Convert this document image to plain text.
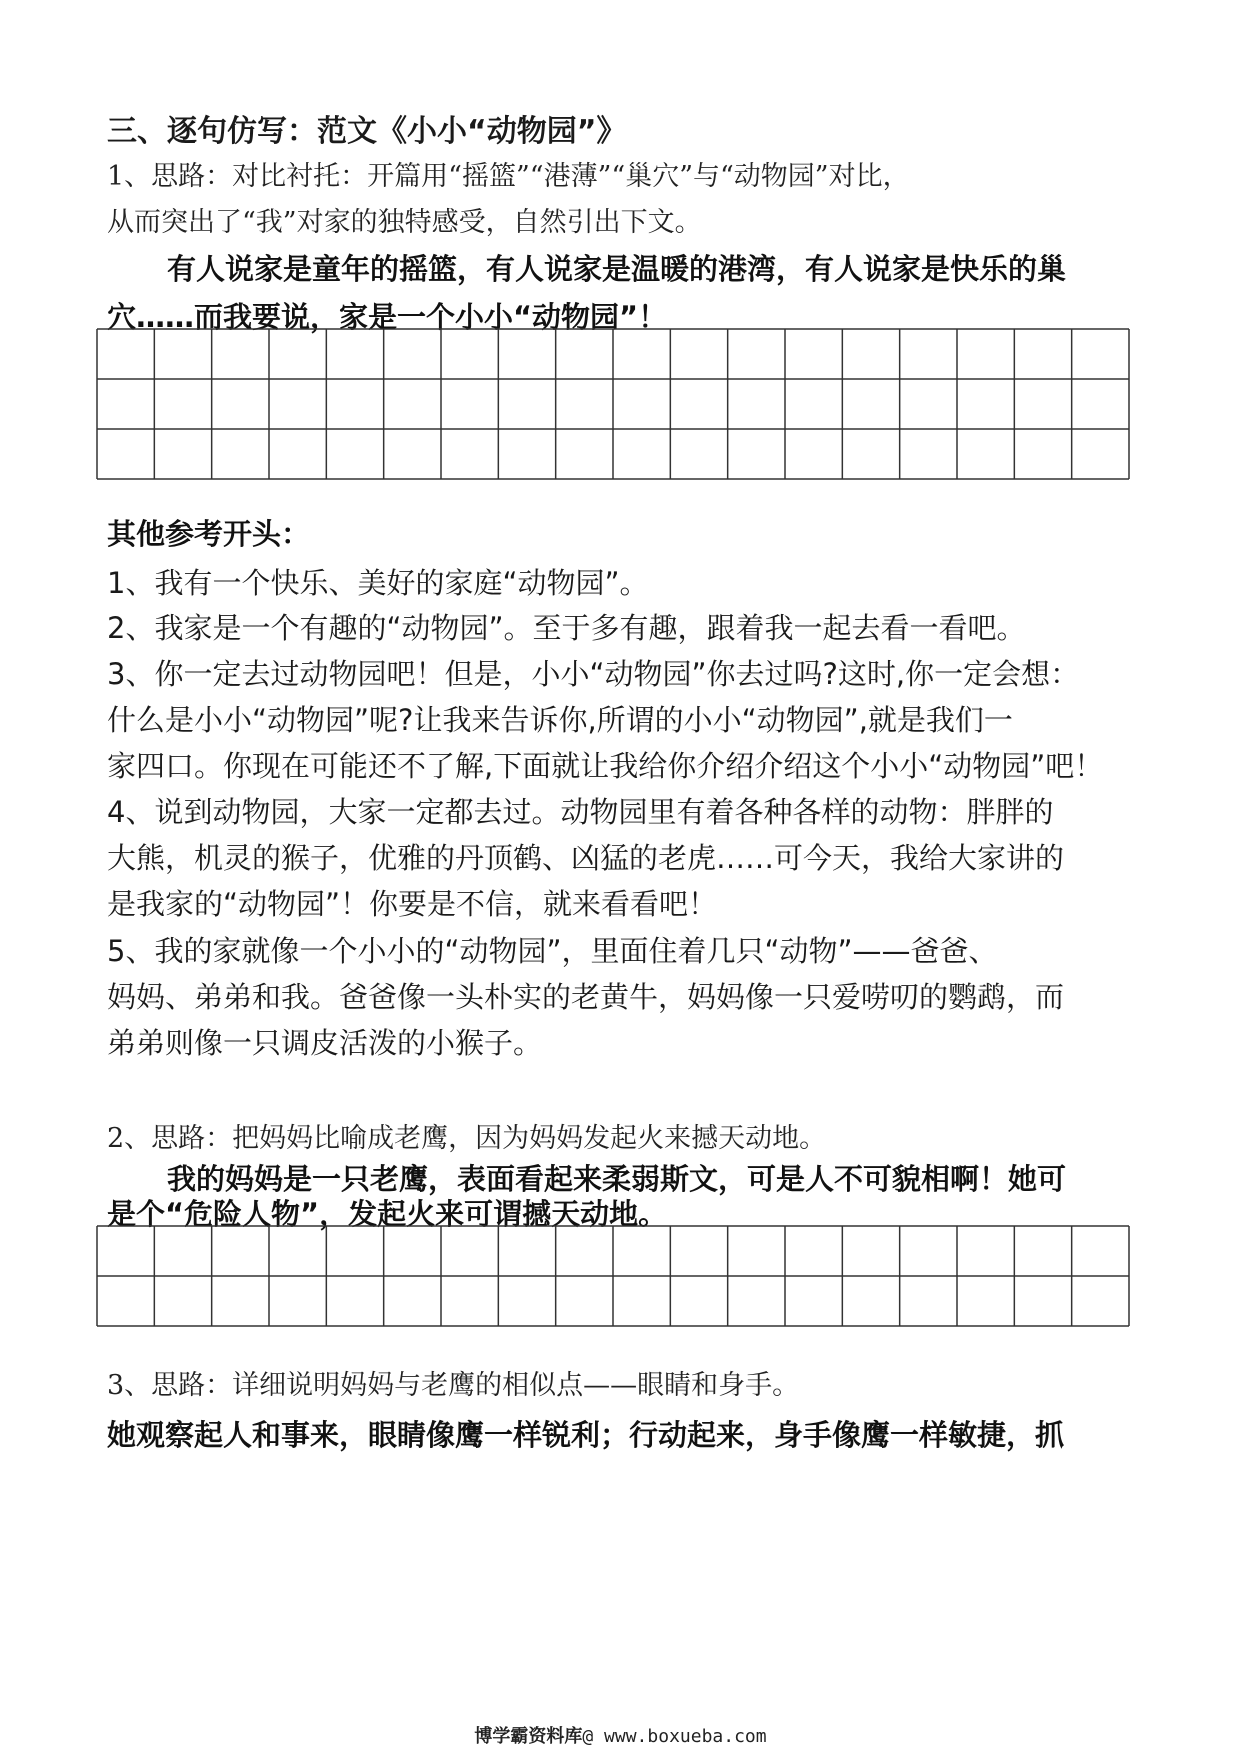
三、逐句仿写：范文《小小“动物园”》
1、思路：对比衬托：开篇用“摇篮”“港薄”“巢穴”与“动物园”对比，
从而突出了“我”对家的独特感受，自然引出下文。
有人说家是童年的摇篮，有人说家是温暖的港湾，有人说家是快乐的巢
穴……而我要说，家是一个小小“动物园”！
其他参考开头：
1、我有一个快乐、美好的家庭“动物园”。
2、我家是一个有趣的“动物园”。至于多有趣，跟着我一起去看一看吧。
3、你一定去过动物园吧！但是，小小“动物园”你去过吗?这时,你一定会想：
什么是小小“动物园”呢?让我来告诉你,所谓的小小“动物园”,就是我们一
家四口。你现在可能还不了解,下面就让我给你介绍介绍这个小小“动物园”吧！
4、说到动物园，大家一定都去过。动物园里有着各种各样的动物：胖胖的
大熊，机灵的猴子，优雅的丹顶鹤、凶猛的老虎……可今天，我给大家讲的
是我家的“动物园”！你要是不信，就来看看吧！
5、我的家就像一个小小的“动物园”，里面住着几只“动物”——爸爸、
妈妈、弟弟和我。爸爸像一头朴实的老黄牛，妈妈像一只爱唠叨的鹦鹉，而
弟弟则像一只调皮活泼的小猴子。
2、思路：把妈妈比喻成老鹰，因为妈妈发起火来撼天动地。
我的妈妈是一只老鹰，表面看起来柔弱斯文，可是人不可貌相啊！她可
是个“危险人物”，发起火来可谓撼天动地。
3、思路：详细说明妈妈与老鹰的相似点——眼睛和身手。
她观察起人和事来，眼睛像鹰一样锐利；行动起来，身手像鹰一样敏捷，抓
博学霸资料库@ www.boxueba.com
